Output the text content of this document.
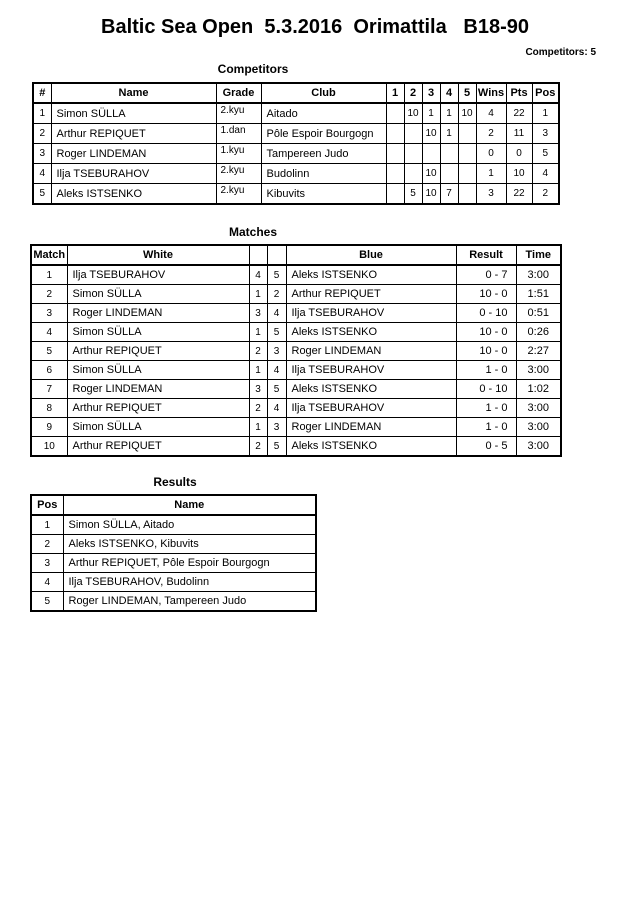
Baltic Sea Open  5.3.2016  Orimattila   B18-90
Competitors: 5
Competitors
#	Name	Grade	Club	1	2	3	4	5	Wins	Pts	Pos
1	Simon SÜLLA	2.kyu	Aitado		10	1	1	10	4	22	1
2	Arthur REPIQUET	1.dan	Pôle Espoir Bourgogn			10	1		2	11	3
3	Roger LINDEMAN	1.kyu	Tampereen Judo						0	0	5
4	Ilja TSEBURAHOV	2.kyu	Budolinn			10			1	10	4
5	Aleks ISTSENKO	2.kyu	Kibuvits		5	10	7		3	22	2
Matches
Match	White			Blue	Result	Time
1	Ilja TSEBURAHOV	4	5	Aleks ISTSENKO	0 - 7	3:00
2	Simon SÜLLA	1	2	Arthur REPIQUET	10 - 0	1:51
3	Roger LINDEMAN	3	4	Ilja TSEBURAHOV	0 - 10	0:51
4	Simon SÜLLA	1	5	Aleks ISTSENKO	10 - 0	0:26
5	Arthur REPIQUET	2	3	Roger LINDEMAN	10 - 0	2:27
6	Simon SÜLLA	1	4	Ilja TSEBURAHOV	1 - 0	3:00
7	Roger LINDEMAN	3	5	Aleks ISTSENKO	0 - 10	1:02
8	Arthur REPIQUET	2	4	Ilja TSEBURAHOV	1 - 0	3:00
9	Simon SÜLLA	1	3	Roger LINDEMAN	1 - 0	3:00
10	Arthur REPIQUET	2	5	Aleks ISTSENKO	0 - 5	3:00
Results
Pos	Name
1	Simon SÜLLA, Aitado
2	Aleks ISTSENKO, Kibuvits
3	Arthur REPIQUET, Pôle Espoir Bourgogn
4	Ilja TSEBURAHOV, Budolinn
5	Roger LINDEMAN, Tampereen Judo
